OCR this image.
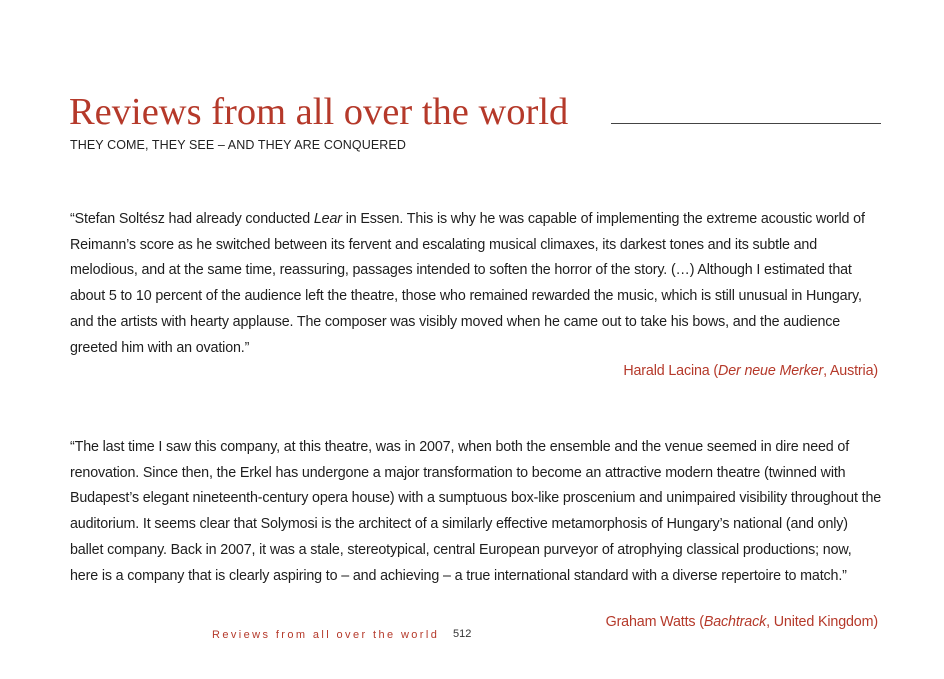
Reviews from all over the world
THEY COME, THEY SEE – AND THEY ARE CONQUERED

“Stefan Soltész had already conducted Lear in Essen. This is why he was capable of implementing the extreme acoustic world of Reimann’s score as he switched between its fervent and escalating musical climaxes, its darkest tones and its subtle and melodious, and at the same time, reassuring, passages intended to soften the horror of the story. (…) Although I estimated that about 5 to 10 percent of the audience left the theatre, those who remained rewarded the music, which is still unusual in Hungary, and the artists with hearty applause. The composer was visibly moved when he came out to take his bows, and the audience greeted him with an ovation.”

Harald Lacina (Der neue Merker, Austria)

“The last time I saw this company, at this theatre, was in 2007, when both the ensemble and the venue seemed in dire need of renovation. Since then, the Erkel has undergone a major transformation to become an attractive modern theatre (twinned with Budapest’s elegant nineteenth-century opera house) with a sumptuous box-like proscenium and unimpaired visibility throughout the auditorium. It seems clear that Solymosi is the architect of a similarly effective metamorphosis of Hungary’s national (and only) ballet company. Back in 2007, it was a stale, stereotypical, central European purveyor of atrophying classical productions; now, here is a company that is clearly aspiring to – and achieving – a true international standard with a diverse repertoire to match.”

Graham Watts (Bachtrack, United Kingdom)
Reviews from all over the world 512
